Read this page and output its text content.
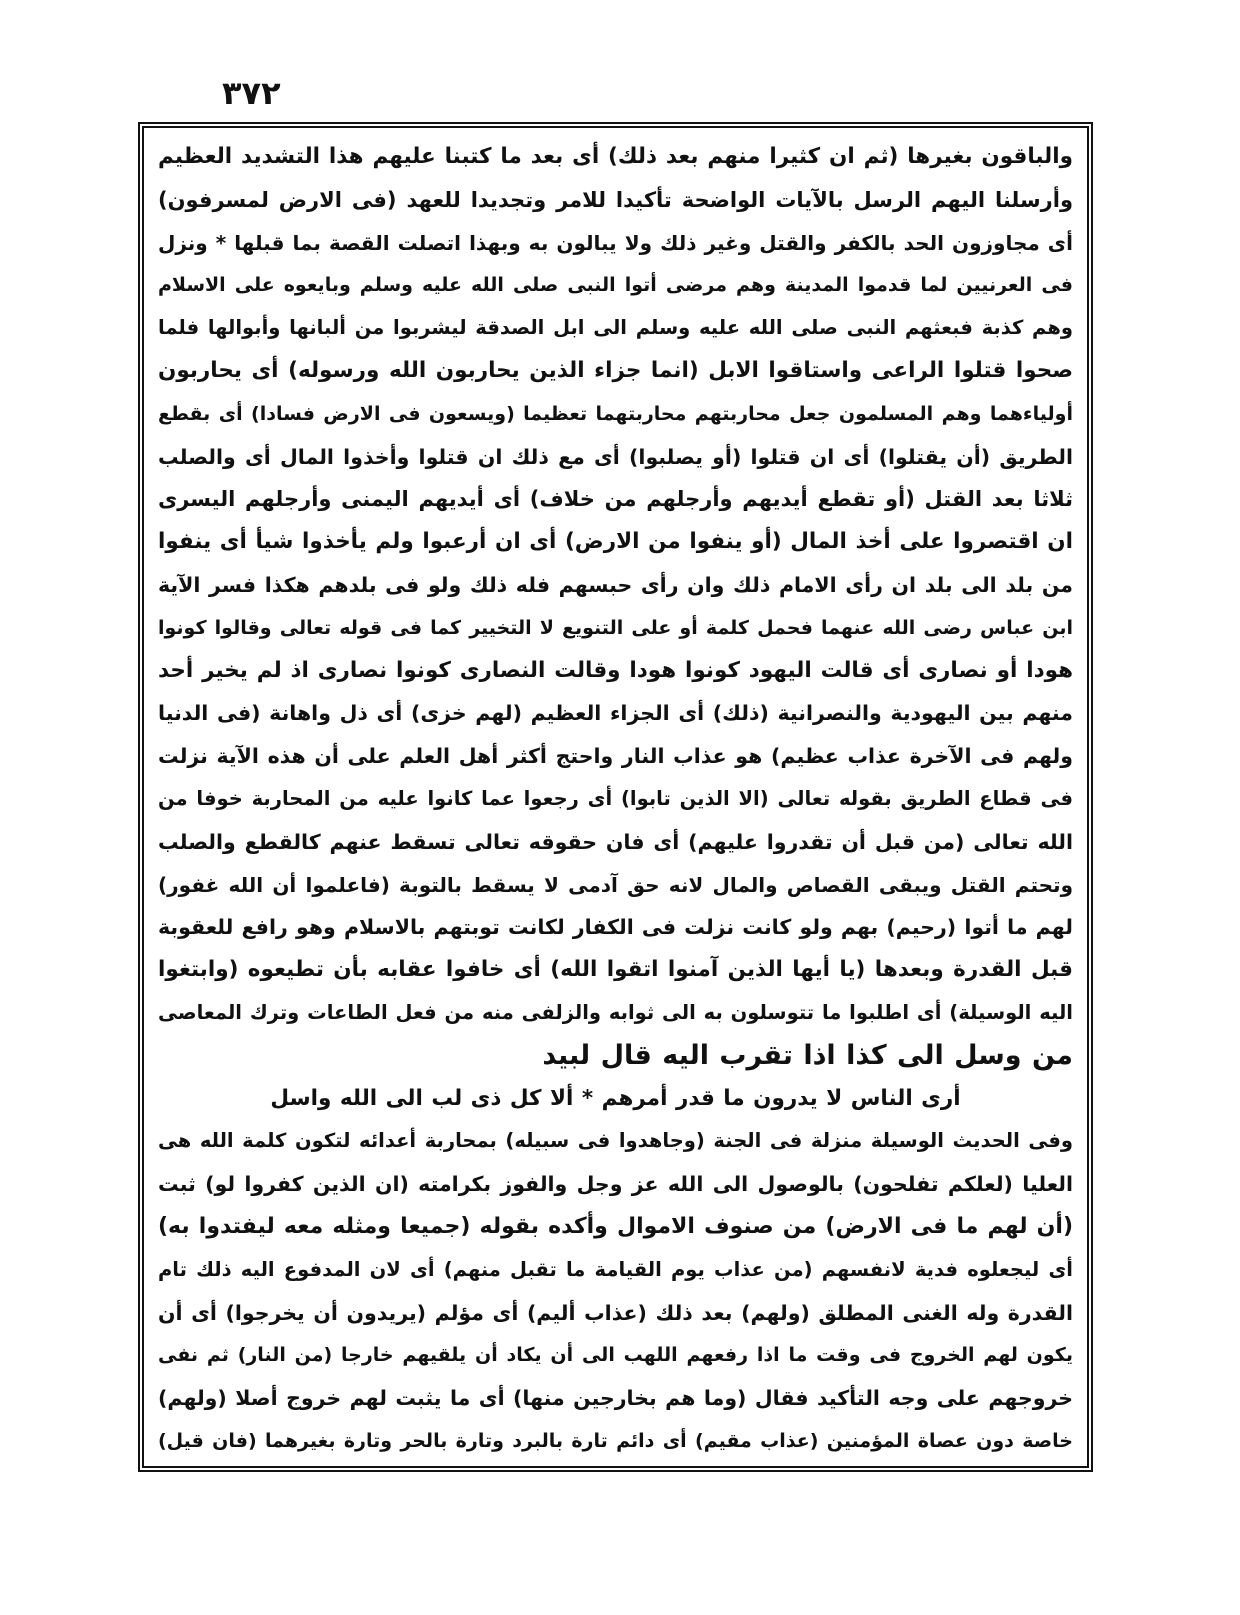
٣٧٢
والباقون بغيرها (ثم ان كثيرا منهم بعد ذلك) أى بعد ما كتبنا عليهم هذا التشديد العظيم
وأرسلنا اليهم الرسل بالآيات الواضحة تأكيدا للامر وتجديدا للعهد (فى الارض لمسرفون)
أى مجاوزون الحد بالكفر والقتل وغير ذلك ولا يبالون به وبهذا اتصلت القصة بما قبلها * ونزل
فى العرنيين لما قدموا المدينة وهم مرضى أتوا النبى صلى الله عليه وسلم وبايعوه على الاسلام
وهم كذبة فبعثهم النبى صلى الله عليه وسلم الى ابل الصدقة ليشربوا من ألبانها وأبوالها فلما
صحوا قتلوا الراعى واستاقوا الابل (انما جزاء الذين يحاربون الله ورسوله) أى يحاربون
أولياءهما وهم المسلمون جعل محاربتهم محاربتهما تعظيما (ويسعون فى الارض فسادا) أى بقطع
الطريق (أن يقتلوا) أى ان قتلوا (أو يصلبوا) أى مع ذلك ان قتلوا وأخذوا المال أى والصلب
ثلاثا بعد القتل (أو تقطع أيديهم وأرجلهم من خلاف) أى أيديهم اليمنى وأرجلهم اليسرى
ان اقتصروا على أخذ المال (أو ينفوا من الارض) أى ان أرعبوا ولم يأخذوا شيأ أى ينفوا
من بلد الى بلد ان رأى الامام ذلك وان رأى حبسهم فله ذلك ولو فى بلدهم هكذا فسر الآية
ابن عباس رضى الله عنهما فحمل كلمة أو على التنويع لا التخيير كما فى قوله تعالى وقالوا كونوا
هودا أو نصارى أى قالت اليهود كونوا هودا وقالت النصارى كونوا نصارى اذ لم يخير أحد
منهم بين اليهودية والنصرانية (ذلك) أى الجزاء العظيم (لهم خزى) أى ذل واهانة (فى الدنيا
ولهم فى الآخرة عذاب عظيم) هو عذاب النار واحتج أكثر أهل العلم على أن هذه الآية نزلت
فى قطاع الطريق بقوله تعالى (الا الذين تابوا) أى رجعوا عما كانوا عليه من المحاربة خوفا من
الله تعالى (من قبل أن تقدروا عليهم) أى فان حقوقه تعالى تسقط عنهم كالقطع والصلب
وتحتم القتل ويبقى القصاص والمال لانه حق آدمى لا يسقط بالتوبة (فاعلموا أن الله غفور)
لهم ما أتوا (رحيم) بهم ولو كانت نزلت فى الكفار لكانت توبتهم بالاسلام وهو رافع للعقوبة
قبل القدرة وبعدها (يا أيها الذين آمنوا اتقوا الله) أى خافوا عقابه بأن تطيعوه (وابتغوا
اليه الوسيلة) أى اطلبوا ما تتوسلون به الى ثوابه والزلفى منه من فعل الطاعات وترك المعاصى
من وسل الى كذا اذا تقرب اليه قال لبيد
أرى الناس لا يدرون ما قدر أمرهم * ألا كل ذى لب الى الله واسل
وفى الحديث الوسيلة منزلة فى الجنة (وجاهدوا فى سبيله) بمحاربة أعدائه لتكون كلمة الله هى
العليا (لعلكم تفلحون) بالوصول الى الله عز وجل والفوز بكرامته (ان الذين كفروا لو) ثبت
(أن لهم ما فى الارض) من صنوف الاموال وأكده بقوله (جميعا ومثله معه ليفتدوا به)
أى ليجعلوه فدية لانفسهم (من عذاب يوم القيامة ما تقبل منهم) أى لان المدفوع اليه ذلك تام
القدرة وله الغنى المطلق (ولهم) بعد ذلك (عذاب أليم) أى مؤلم (يريدون أن يخرجوا) أى أن
يكون لهم الخروج فى وقت ما اذا رفعهم اللهب الى أن يكاد أن يلقيهم خارجا (من النار) ثم نفى
خروجهم على وجه التأكيد فقال (وما هم بخارجين منها) أى ما يثبت لهم خروج أصلا (ولهم)
خاصة دون عصاة المؤمنين (عذاب مقيم) أى دائم تارة بالبرد وتارة بالحر وتارة بغيرهما (فان قيل)
